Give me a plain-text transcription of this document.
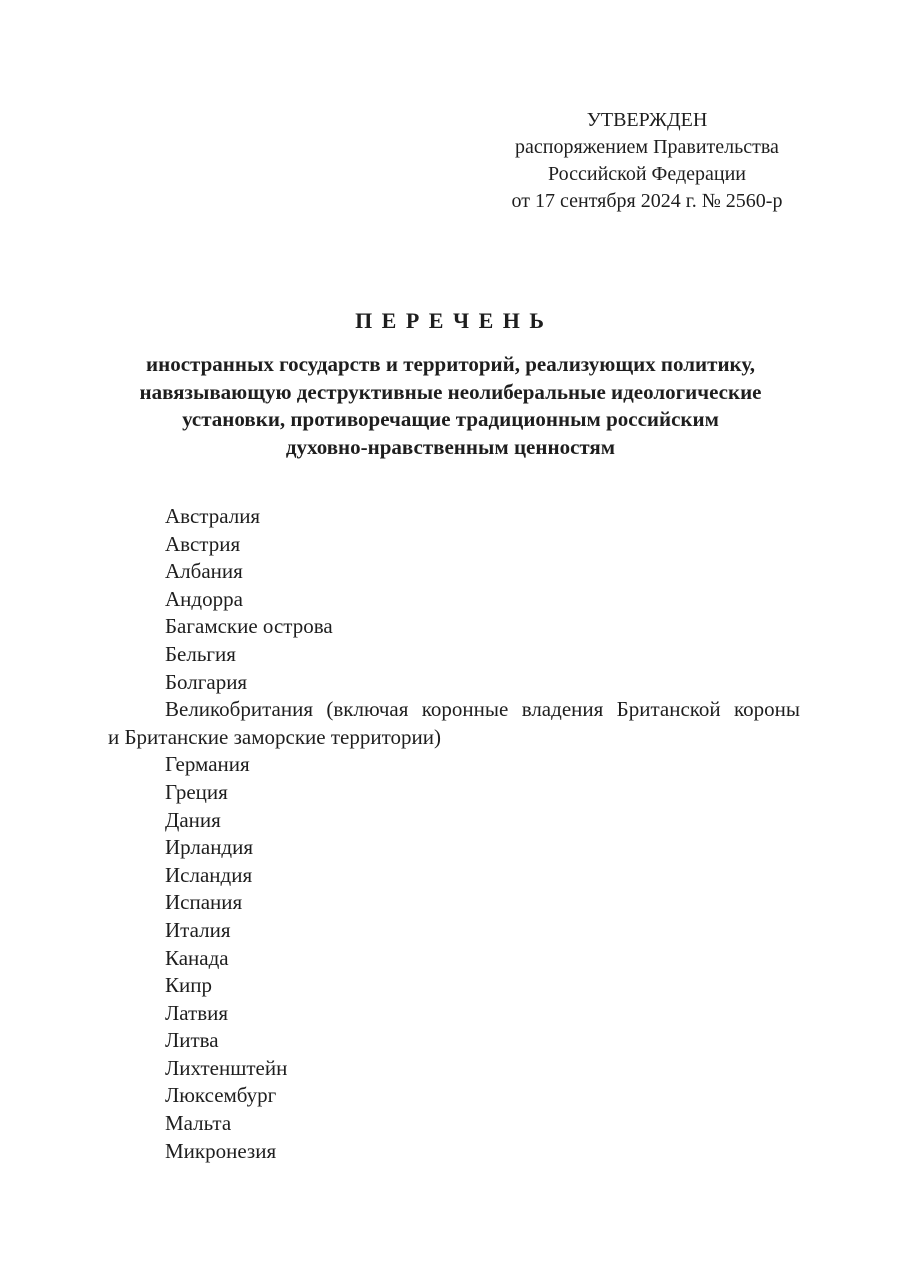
УТВЕРЖДЕН
распоряжением Правительства
Российской Федерации
от 17 сентября 2024 г. № 2560-р
П Е Р Е Ч Е Н Ь
иностранных государств и территорий, реализующих политику,
навязывающую деструктивные неолиберальные идеологические
установки, противоречащие традиционным российским
духовно-нравственным ценностям
Австралия
Австрия
Албания
Андорра
Багамские острова
Бельгия
Болгария
Великобритания (включая коронные владения Британской короны
и Британские заморские территории)
Германия
Греция
Дания
Ирландия
Исландия
Испания
Италия
Канада
Кипр
Латвия
Литва
Лихтенштейн
Люксембург
Мальта
Микронезия
